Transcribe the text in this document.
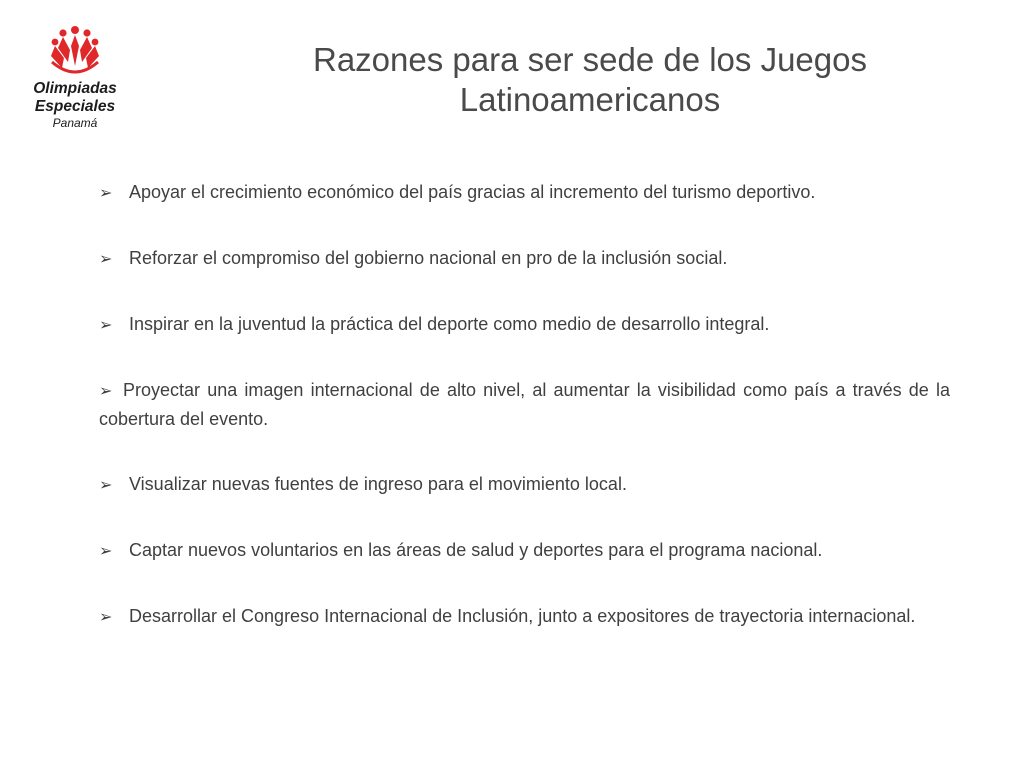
Olimpiadas
Especiales
Panamá
Razones para ser sede de los Juegos
Latinoamericanos
➢ Apoyar el crecimiento económico del país gracias al incremento del turismo deportivo.
➢ Reforzar el compromiso del gobierno nacional en pro de la inclusión social.
➢ Inspirar en la juventud la práctica del deporte como medio de desarrollo integral.
➢ Proyectar una imagen internacional de alto nivel, al aumentar la visibilidad como país a través de la cobertura del evento.
➢ Visualizar nuevas fuentes de ingreso para el movimiento local.
➢ Captar nuevos voluntarios en las áreas de salud y deportes para el programa nacional.
➢ Desarrollar el Congreso Internacional de Inclusión, junto a expositores de trayectoria internacional.
